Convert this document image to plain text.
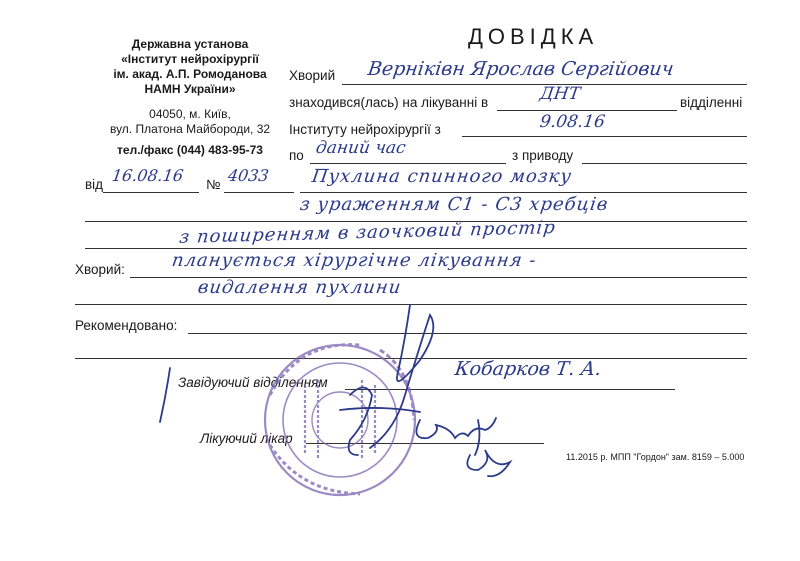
Державна установа
«Інститут нейрохірургії
ім. акад. А.П. Ромоданова
НАМН України»
04050, м. Київ,
вул. Платона Майбороди, 32
тел./факс (044) 483-95-73
ДОВІДКА
Хворий Верніківн Ярослав Сергійович
знаходився(лась) на лікуванні в	ДНТ	відділенні
Інституту нейрохірургії з	9.08.16
по даний час	з приводу
від 16.08.16 № 4033 Пухлина спинного мозку
з ураженням С1 - С3 хребців
з поширенням в заочковий простір
Хворий:	планується хірургічне лікування -
видалення пухлини
Рекомендовано:
Завідуючий відділенням
Кобарков Т. А.
Лікуючий лікар
11.2015 р. МПП "Гордон" зам. 8159 – 5.000
